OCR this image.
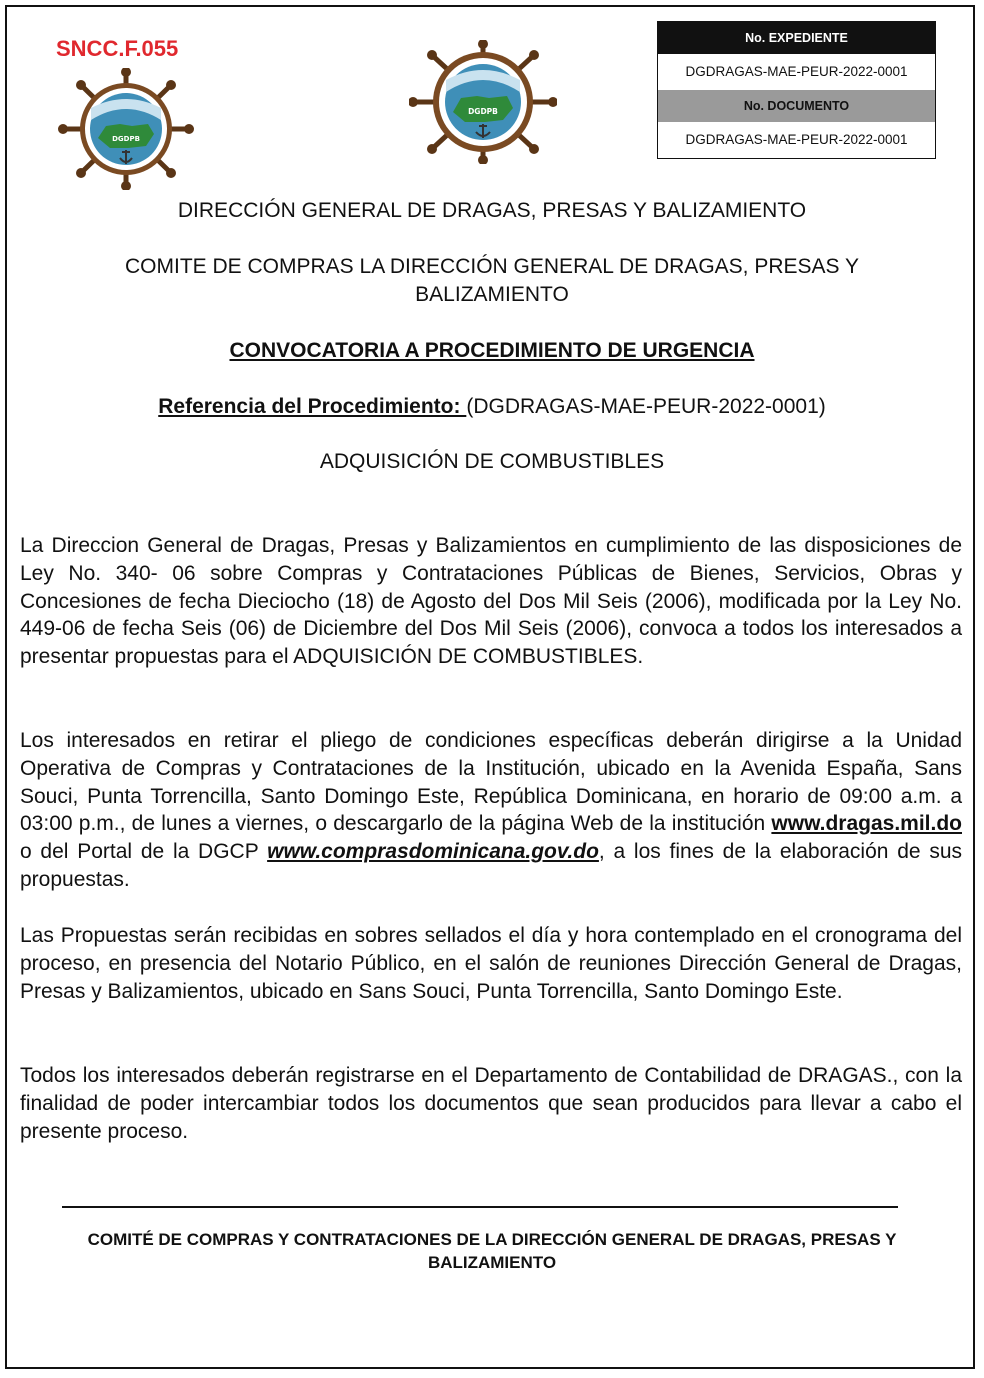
SNCC.F.055
DGDPB
DGDPB
No. EXPEDIENTE
DGDRAGAS-MAE-PEUR-2022-0001
No. DOCUMENTO
DGDRAGAS-MAE-PEUR-2022-0001
DIRECCIÓN GENERAL DE DRAGAS, PRESAS Y BALIZAMIENTO
COMITE DE COMPRAS LA DIRECCIÓN GENERAL DE DRAGAS, PRESAS Y
BALIZAMIENTO
CONVOCATORIA A PROCEDIMIENTO DE URGENCIA
Referencia del Procedimiento: (DGDRAGAS-MAE-PEUR-2022-0001)
ADQUISICIÓN DE COMBUSTIBLES
La Direccion General de Dragas, Presas y Balizamientos en cumplimiento de las disposiciones de Ley No. 340- 06 sobre Compras y Contrataciones Públicas de Bienes, Servicios, Obras y Concesiones de fecha Dieciocho (18) de Agosto del Dos Mil Seis (2006), modificada por la Ley No. 449-06 de fecha Seis (06) de Diciembre del Dos Mil Seis (2006), convoca a todos los interesados a presentar propuestas para el ADQUISICIÓN DE COMBUSTIBLES.
Los interesados en retirar el pliego de condiciones específicas deberán dirigirse a la Unidad Operativa de Compras y Contrataciones de la Institución, ubicado en la Avenida España, Sans Souci, Punta Torrencilla, Santo Domingo Este, República Dominicana, en horario de 09:00 a.m. a 03:00 p.m., de lunes a viernes, o descargarlo de la página Web de la institución www.dragas.mil.do o del Portal de la DGCP www.comprasdominicana.gov.do, a los fines de la elaboración de sus propuestas.
Las Propuestas serán recibidas en sobres sellados el día y hora contemplado en el cronograma del proceso, en presencia del Notario Público, en el salón de reuniones Dirección General de Dragas, Presas y Balizamientos, ubicado en Sans Souci, Punta Torrencilla, Santo Domingo Este.
Todos los interesados deberán registrarse en el Departamento de Contabilidad de DRAGAS., con la finalidad de poder intercambiar todos los documentos que sean producidos para llevar a cabo el presente proceso.
COMITÉ DE COMPRAS Y CONTRATACIONES DE LA DIRECCIÓN GENERAL DE DRAGAS, PRESAS Y
BALIZAMIENTO
